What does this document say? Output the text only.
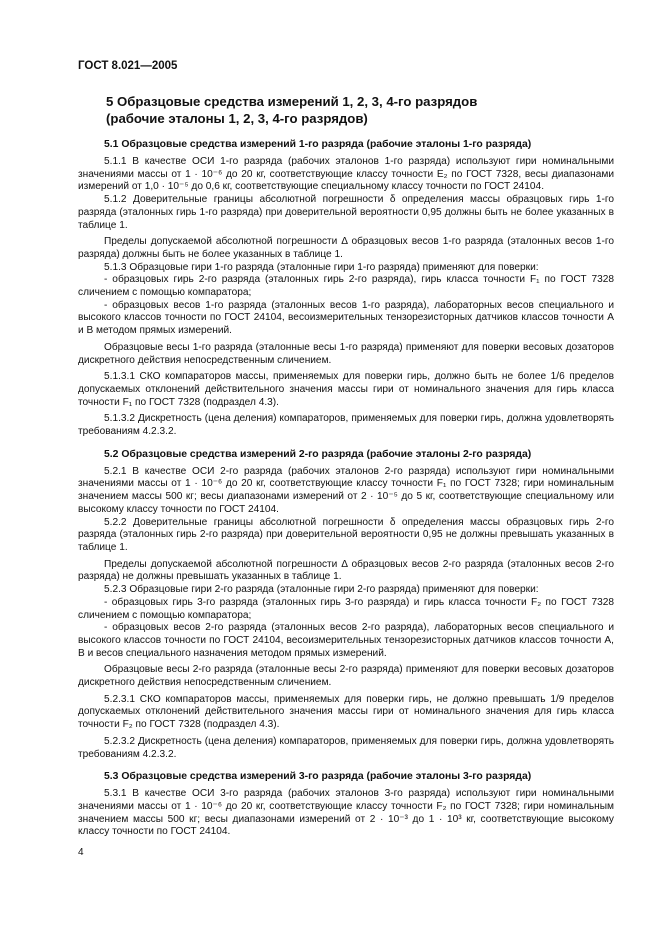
ГОСТ 8.021—2005
5 Образцовые средства измерений 1, 2, 3, 4-го разрядов
(рабочие эталоны 1, 2, 3, 4-го разрядов)
5.1 Образцовые средства измерений 1-го разряда (рабочие эталоны 1-го разряда)

5.1.1 В качестве ОСИ 1-го разряда (рабочих эталонов 1-го разряда) используют гири номинальными значениями массы от 1 · 10⁻⁶ до 20 кг, соответствующие классу точности E₂ по ГОСТ 7328, весы диапазонами измерений от 1,0 · 10⁻⁵ до 0,6 кг, соответствующие специальному классу точности по ГОСТ 24104.

5.1.2 Доверительные границы абсолютной погрешности δ определения массы образцовых гирь 1-го разряда (эталонных гирь 1-го разряда) при доверительной вероятности 0,95 должны быть не более указанных в таблице 1.

Пределы допускаемой абсолютной погрешности Δ образцовых весов 1-го разряда (эталонных весов 1-го разряда) должны быть не более указанных в таблице 1.

5.1.3 Образцовые гири 1-го разряда (эталонные гири 1-го разряда) применяют для поверки:

- образцовых гирь 2-го разряда (эталонных гирь 2-го разряда), гирь класса точности F₁ по ГОСТ 7328 сличением с помощью компаратора;

- образцовых весов 1-го разряда (эталонных весов 1-го разряда), лабораторных весов специального и высокого классов точности по ГОСТ 24104, весоизмерительных тензорезисторных датчиков классов точности А и В методом прямых измерений.

Образцовые весы 1-го разряда (эталонные весы 1-го разряда) применяют для поверки весовых дозаторов дискретного действия непосредственным сличением.

5.1.3.1 СКО компараторов массы, применяемых для поверки гирь, должно быть не более 1/6 пределов допускаемых отклонений действительного значения массы гири от номинального значения для гирь класса точности F₁ по ГОСТ 7328 (подраздел 4.3).

5.1.3.2 Дискретность (цена деления) компараторов, применяемых для поверки гирь, должна удовлетворять требованиям 4.2.3.2.

5.2 Образцовые средства измерений 2-го разряда (рабочие эталоны 2-го разряда)

5.2.1 В качестве ОСИ 2-го разряда (рабочих эталонов 2-го разряда) используют гири номинальными значениями массы от 1 · 10⁻⁶ до 20 кг, соответствующие классу точности F₁ по ГОСТ 7328; гири номинальным значением массы 500 кг; весы диапазонами измерений от 2 · 10⁻⁵ до 5 кг, соответствующие специальному или высокому классу точности по ГОСТ 24104.

5.2.2 Доверительные границы абсолютной погрешности δ определения массы образцовых гирь 2-го разряда (эталонных гирь 2-го разряда) при доверительной вероятности 0,95 не должны превышать указанных в таблице 1.

Пределы допускаемой абсолютной погрешности Δ образцовых весов 2-го разряда (эталонных весов 2-го разряда) не должны превышать указанных в таблице 1.

5.2.3 Образцовые гири 2-го разряда (эталонные гири 2-го разряда) применяют для поверки:

- образцовых гирь 3-го разряда (эталонных гирь 3-го разряда) и гирь класса точности F₂ по ГОСТ 7328 сличением с помощью компаратора;

- образцовых весов 2-го разряда (эталонных весов 2-го разряда), лабораторных весов специального и высокого классов точности по ГОСТ 24104, весоизмерительных тензорезисторных датчиков классов точности А, В и весов специального назначения методом прямых измерений.

Образцовые весы 2-го разряда (эталонные весы 2-го разряда) применяют для поверки весовых дозаторов дискретного действия непосредственным сличением.

5.2.3.1 СКО компараторов массы, применяемых для поверки гирь, не должно превышать 1/9 пределов допускаемых отклонений действительного значения массы гири от номинального значения для гирь класса точности F₂ по ГОСТ 7328 (подраздел 4.3).

5.2.3.2 Дискретность (цена деления) компараторов, применяемых для поверки гирь, должна удовлетворять требованиям 4.2.3.2.

5.3 Образцовые средства измерений 3-го разряда (рабочие эталоны 3-го разряда)

5.3.1 В качестве ОСИ 3-го разряда (рабочих эталонов 3-го разряда) используют гири номинальными значениями массы от 1 · 10⁻⁶ до 20 кг, соответствующие классу точности F₂ по ГОСТ 7328; гири номинальным значением массы 500 кг; весы диапазонами измерений от 2 · 10⁻³ до 1 · 10³ кг, соответствующие высокому классу точности по ГОСТ 24104.

4
